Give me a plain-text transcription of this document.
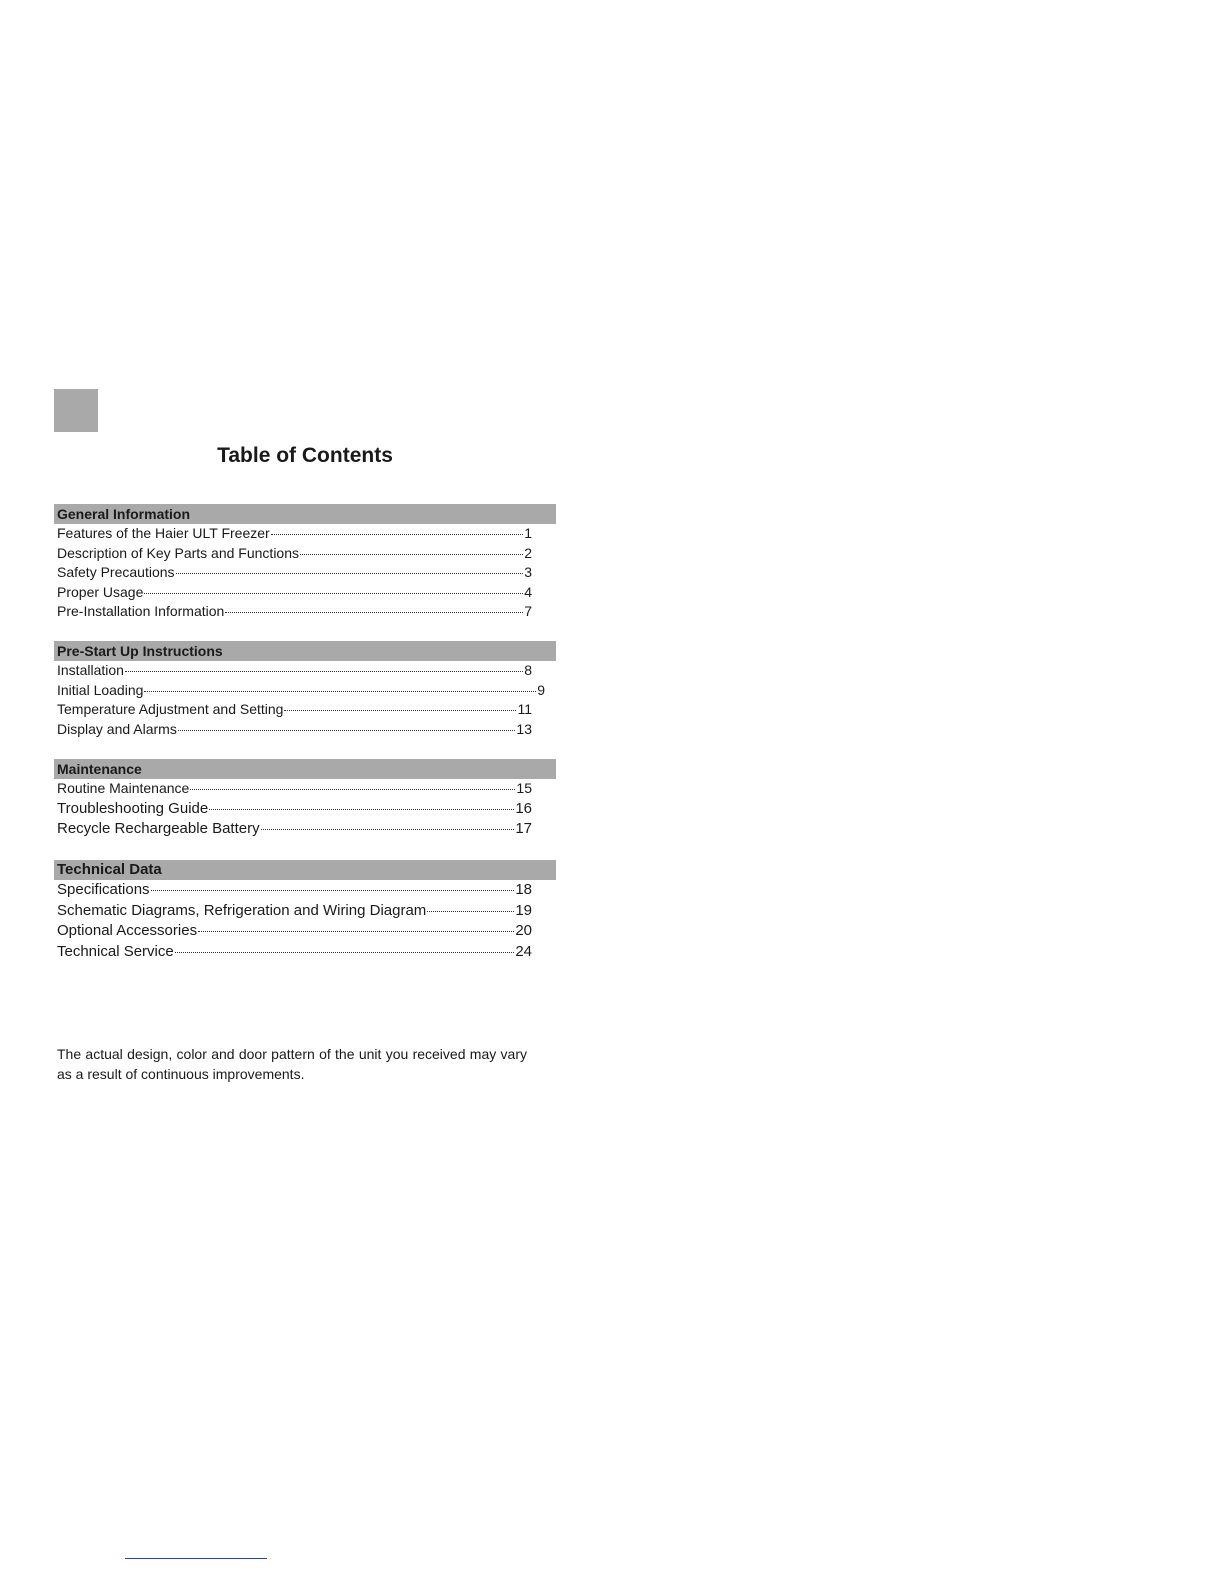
Table of Contents
General Information
Features of the Haier ULT Freezer	1
Description of Key Parts and Functions	2
Safety Precautions	3
Proper Usage	4
Pre-Installation Information	7
Pre-Start Up Instructions
Installation	8
Initial Loading	9
Temperature Adjustment and Setting	11
Display and Alarms	13
Maintenance
Routine Maintenance	15
Troubleshooting Guide	16
Recycle Rechargeable Battery	17
Technical Data
Specifications	18
Schematic Diagrams, Refrigeration and Wiring Diagram	19
Optional Accessories	20
Technical Service	24

The actual design, color and door pattern of the unit you received may vary as a result of continuous improvements.
